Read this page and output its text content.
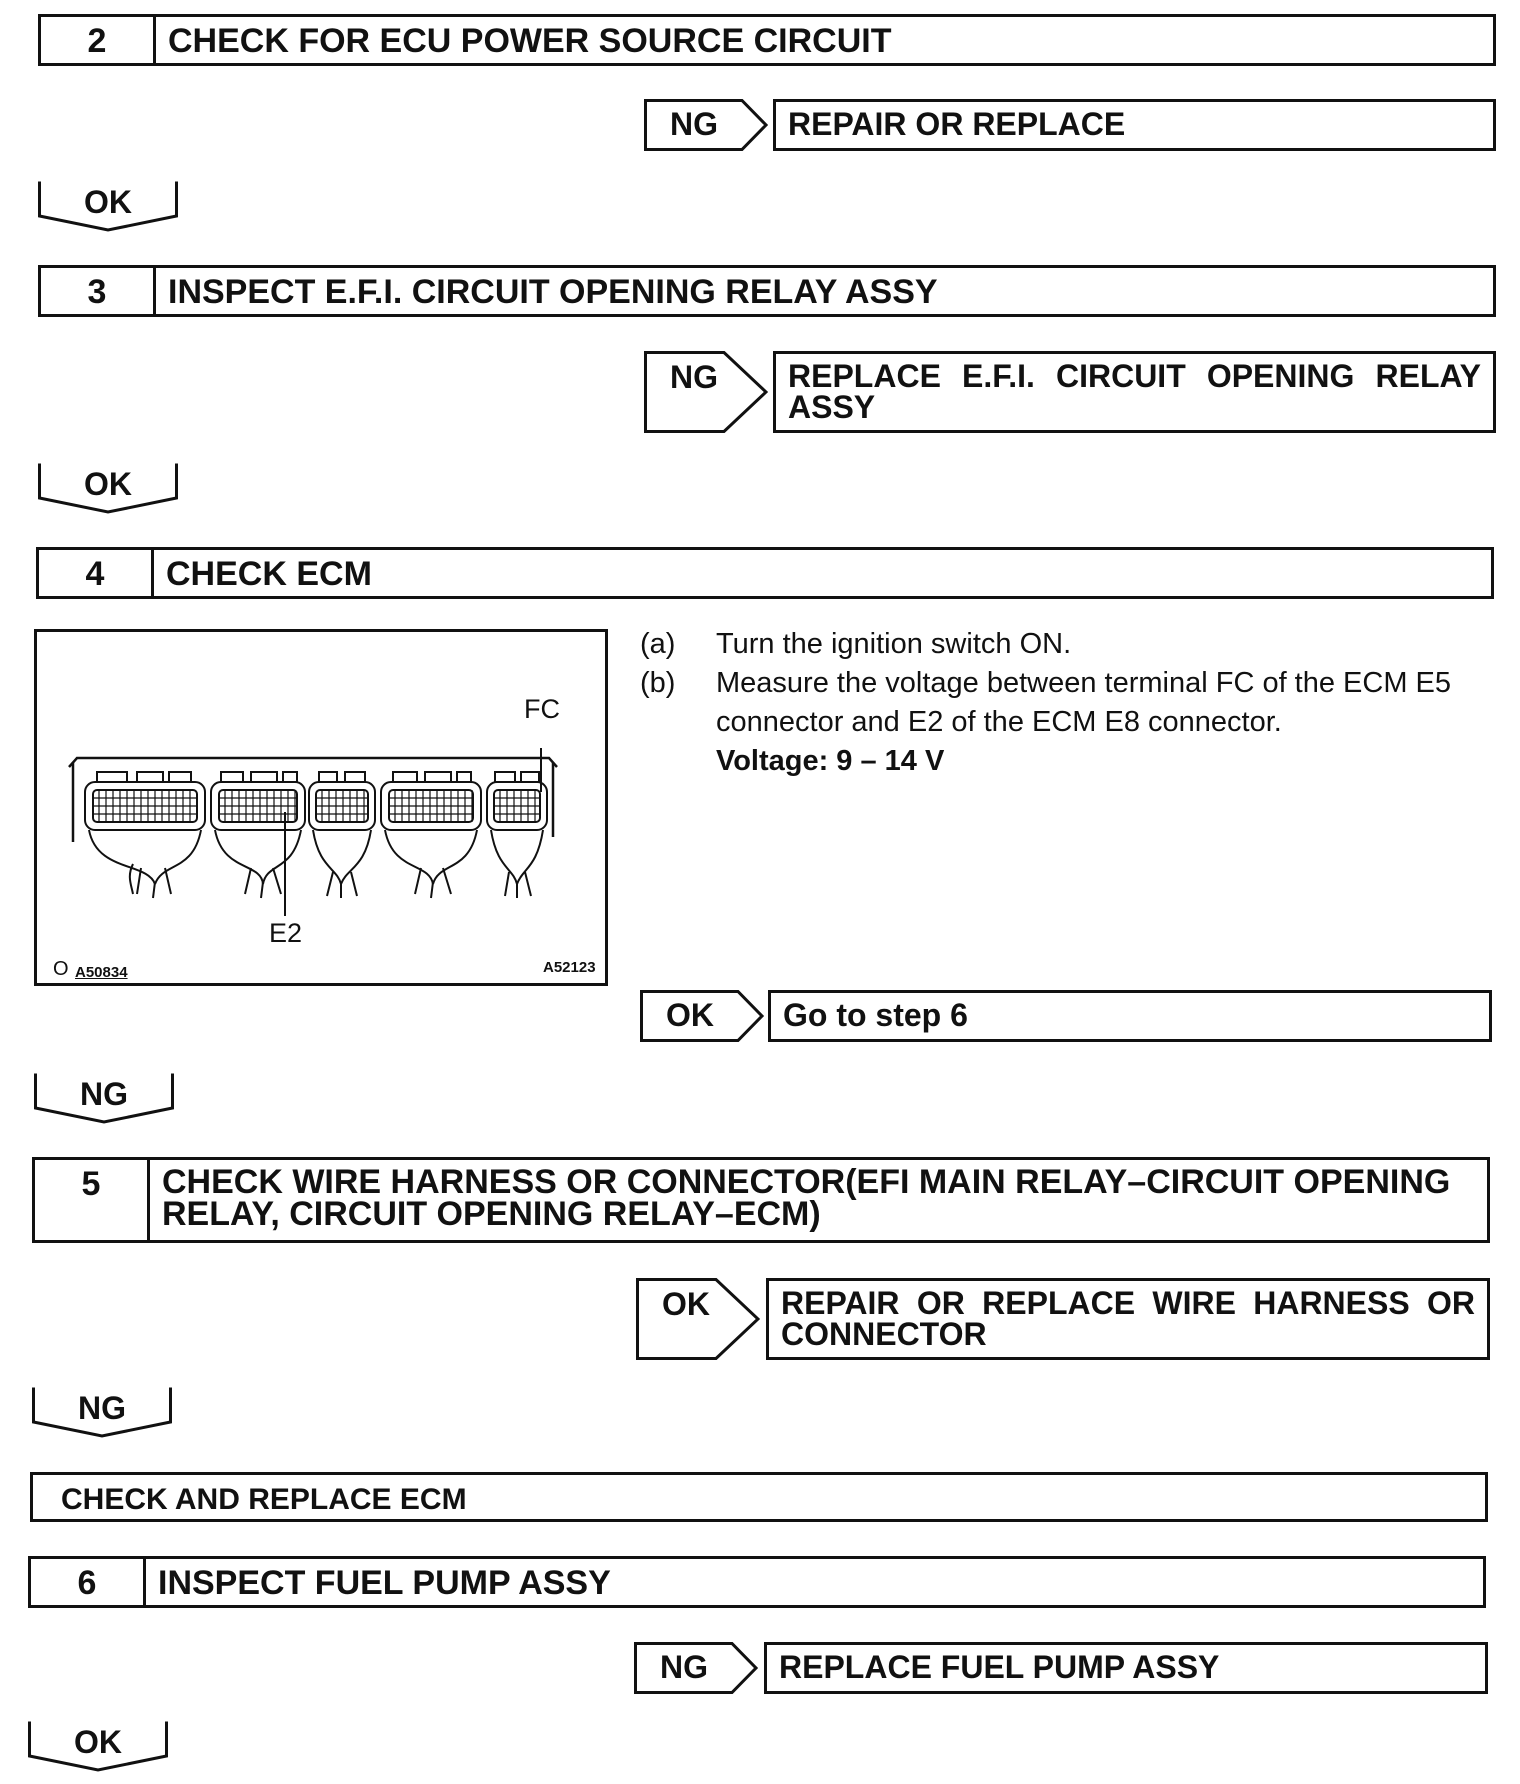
2	CHECK FOR ECU POWER SOURCE CIRCUIT
NG	REPAIR OR REPLACE
OK
3	INSPECT E.F.I. CIRCUIT OPENING RELAY ASSY
NG	REPLACE E.F.I. CIRCUIT OPENING RELAY ASSY
OK
4	CHECK ECM
FC
E2
O A50834	A52123
(a)	Turn the ignition switch ON.
(b)	Measure the voltage between terminal FC of the ECM E5 connector and E2 of the ECM E8 connector.
Voltage: 9 – 14 V
OK	Go to step 6
NG
5	CHECK WIRE HARNESS OR CONNECTOR(EFI MAIN RELAY–CIRCUIT OPENING RELAY, CIRCUIT OPENING RELAY–ECM)
OK	REPAIR OR REPLACE WIRE HARNESS OR CONNECTOR
NG
CHECK AND REPLACE ECM
6	INSPECT FUEL PUMP ASSY
NG	REPLACE FUEL PUMP ASSY
OK
